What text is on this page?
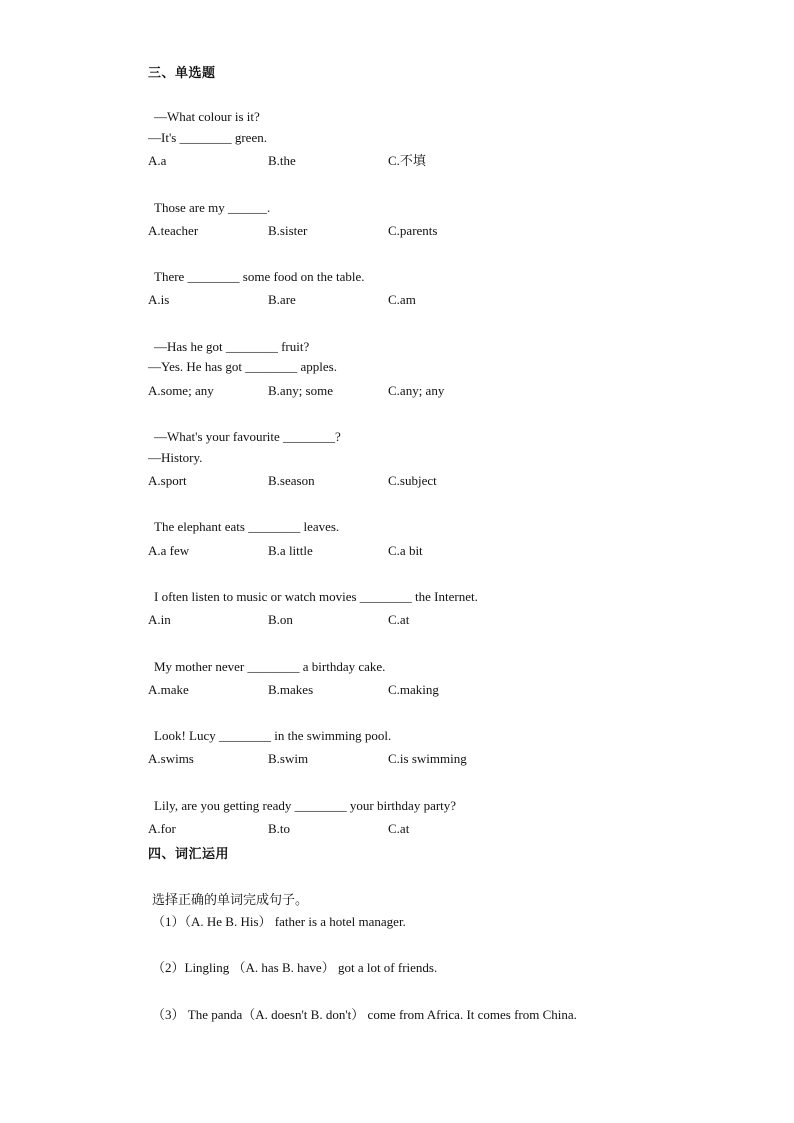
三、单选题
—What colour is it?
—It's ________ green.
A.a	B.the	C.不填
Those are my ______.
A.teacher	B.sister	C.parents
There ________ some food on the table.
A.is	B.are	C.am
—Has he got ________ fruit?
—Yes. He has got ________ apples.
A.some; any	B.any; some	C.any; any
—What's your favourite ________?
—History.
A.sport	B.season	C.subject
The elephant eats ________ leaves.
A.a few	B.a little	C.a bit
I often listen to music or watch movies ________ the Internet.
A.in	B.on	C.at
My mother never ________ a birthday cake.
A.make	B.makes	C.making
Look! Lucy ________ in the swimming pool.
A.swims	B.swim	C.is swimming
Lily, are you getting ready ________ your birthday party?
A.for	B.to	C.at
四、词汇运用
选择正确的单词完成句子。
（1）（A. He B. His） father is a hotel manager.
（2）Lingling （A. has B. have） got a lot of friends.
（3） The panda（A. doesn't B. don't） come from Africa. It comes from China.
